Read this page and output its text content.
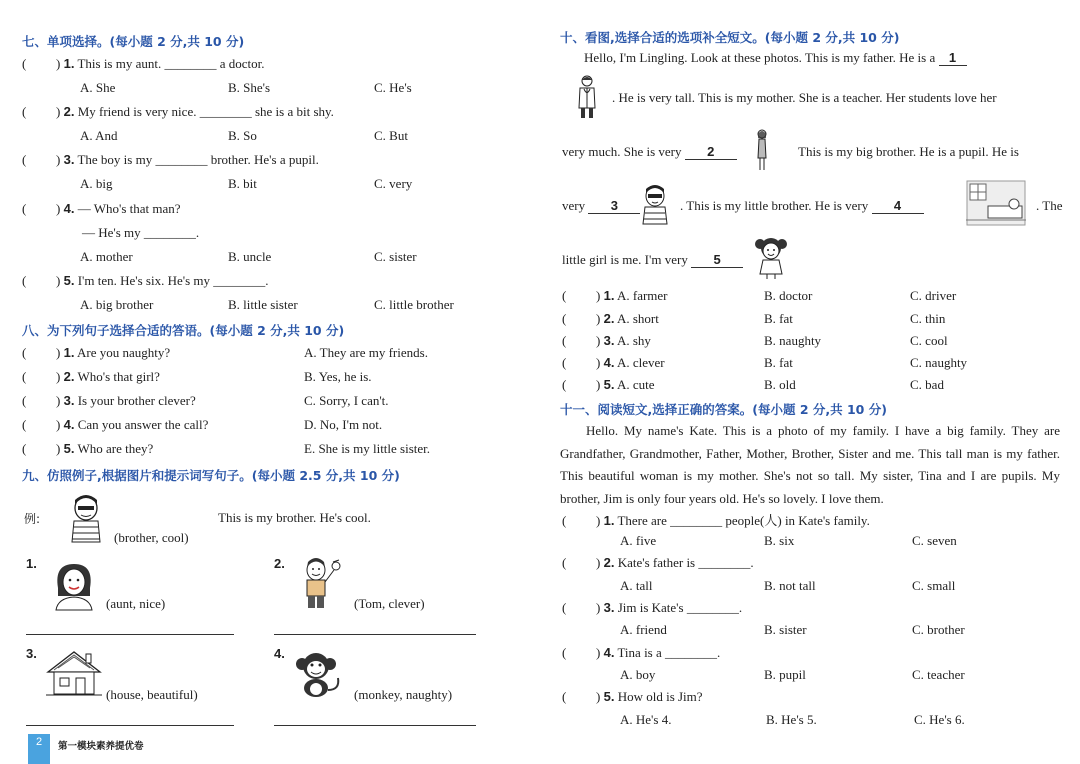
七、单项选择。(每小题 2 分,共 10 分)
( ) 1. This is my aunt. ________ a doctor.
A. She	B. She's	C. He's
( ) 2. My friend is very nice. ________ she is a bit shy.
A. And	B. So	C. But
( ) 3. The boy is my ________ brother. He's a pupil.
A. big	B. bit	C. very
( ) 4. — Who's that man?
— He's my ________.
A. mother	B. uncle	C. sister
( ) 5. I'm ten. He's six. He's my ________.
A. big brother	B. little sister	C. little brother
八、为下列句子选择合适的答语。(每小题 2 分,共 10 分)
( ) 1. Are you naughty?	A. They are my friends.
( ) 2. Who's that girl?	B. Yes, he is.
( ) 3. Is your brother clever?	C. Sorry, I can't.
( ) 4. Can you answer the call?	D. No, I'm not.
( ) 5. Who are they?	E. She is my little sister.
九、仿照例子,根据图片和提示词写句子。(每小题 2.5 分,共 10 分)
例:	This is my brother. He's cool.
(brother, cool)
1.
(aunt, nice)
2.
(Tom, clever)
3.
(house, beautiful)
4.
(monkey, naughty)
2	第一模块素养提优卷
十、看图,选择合适的选项补全短文。(每小题 2 分,共 10 分)
Hello, I'm Lingling. Look at these photos. This is my father. He is a 1
. He is very tall. This is my mother. She is a teacher. Her students love her
very much. She is very 2	This is my big brother. He is a pupil. He is
very 3	. This is my little brother. He is very 4	. The
little girl is me. I'm very 5
( ) 1. A. farmer	B. doctor	C. driver
( ) 2. A. short	B. fat	C. thin
( ) 3. A. shy	B. naughty	C. cool
( ) 4. A. clever	B. fat	C. naughty
( ) 5. A. cute	B. old	C. bad
十一、阅读短文,选择正确的答案。(每小题 2 分,共 10 分)

Hello. My name's Kate. This is a photo of my family. I have a big family. They are Grandfather, Grandmother, Father, Mother, Brother, Sister and me. This tall man is my father. This beautiful woman is my mother. She's not so tall. My sister, Tina and I are pupils. My brother, Jim is only four years old. He's so lovely. I love them.

( ) 1. There are ________ people(人) in Kate's family.
A. five	B. six	C. seven
( ) 2. Kate's father is ________.
A. tall	B. not tall	C. small
( ) 3. Jim is Kate's ________.
A. friend	B. sister	C. brother
( ) 4. Tina is a ________.
A. boy	B. pupil	C. teacher
( ) 5. How old is Jim?
A. He's 4.	B. He's 5.	C. He's 6.
